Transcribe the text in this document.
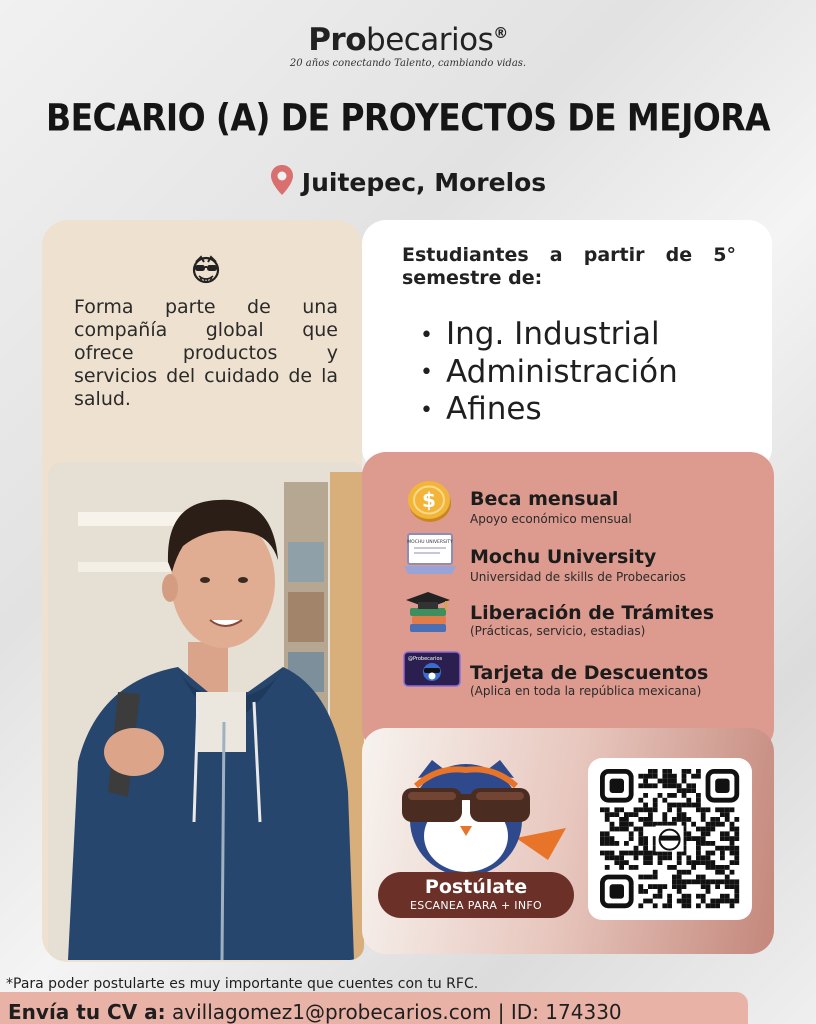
Probecarios®
20 años conectando Talento, cambiando vidas.
BECARIO (A) DE PROYECTOS DE MEJORA
Juitepec, Morelos

Forma parte de una compañía global que ofrece productos y servicios del cuidado de la salud.

Estudiantes a partir de 5° semestre de:

• Ing. Industrial
• Administración
• Afines
$ Beca mensual
Apoyo económico mensual
MOCHU UNIVERSITY
Mochu University
Universidad de skills de Probecarios
Liberación de Trámites
(Prácticas, servicio, estadias)
@Probecarios
Tarjeta de Descuentos
(Aplica en toda la república mexicana)
Postúlate
ESCANEA PARA + INFO
*Para poder postularte es muy importante que cuentes con tu RFC.
Envía tu CV a: avillagomez1@probecarios.com | ID: 174330
